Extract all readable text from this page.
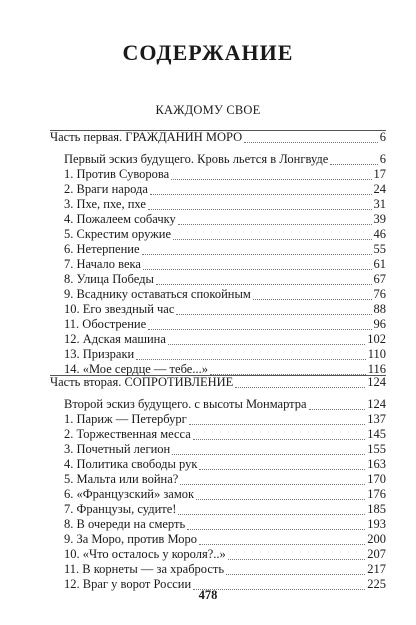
СОДЕРЖАНИЕ
КАЖДОМУ СВОЕ
Часть первая. ГРАЖДАНИН МОРО	6
Первый эскиз будущего. Кровь льется в Лонгвуде	6
1. Против Суворова	17
2. Враги народа	24
3. Пхе, пхе, пхе	31
4. Пожалеем собачку	39
5. Скрестим оружие	46
6. Нетерпение	55
7. Начало века	61
8. Улица Победы	67
9. Всаднику оставаться спокойным	76
10. Его звездный час	88
11. Обострение	96
12. Адская машина	102
13. Призраки	110
14. «Мое сердце — тебе...»	116
Часть вторая. СОПРОТИВЛЕНИЕ	124
Второй эскиз будущего. с высоты Монмартра	124
1. Париж — Петербург	137
2. Торжественная месса	145
3. Почетный легион	155
4. Политика свободы рук	163
5. Мальта или война?	170
6. «Французский» замок	176
7. Французы, судите!	185
8. В очереди на смерть	193
9. За Моро, против Моро	200
10. «Что осталось у короля?..»	207
11. В корнеты — за храбрость	217
12. Враг у ворот России	225
478
